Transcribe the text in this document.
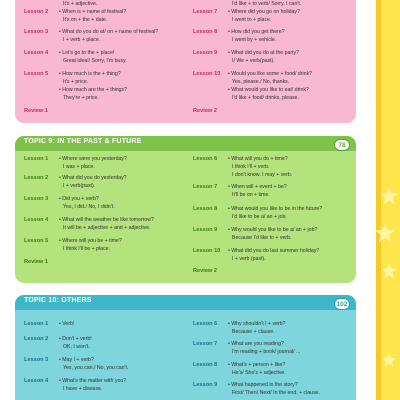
It's + adjective.
Lesson 2	• When is + name of festival?
It's on + the + date.
Lesson 3	• What do you do at/ on + name of festival?
I + verb + place.
Lesson 4	• Let's go to the + place!
Great idea!/ Sorry, I'm busy.
Lesson 5	• How much is the + thing?
It's + price.
• How much are the + things?
They're + price.
Review 1
I'd like + to verb/ Sorry, I can't.
Lesson 7	• Where did you go on holiday?
I went to + place.
Lesson 8	• How did you get there?
I went by + vehicle.
Lesson 9	• What did you do at the party?
I/ We + verb(past).
Lesson 10	• Would you like some + food/ drink?
Yes, please./ No, thanks.
• What would you like to eat/ drink?
I'd like + food/ drinks, please.
Review 2
TOPIC 9: IN THE PAST & FUTURE
78
Lesson 1	• Where were you yesterday?
I was + place.
Lesson 2	• What did you do yesterday?
I + verb(past).
Lesson 3	• Did you + verb?
Yes, I did./ No, I didn't.
Lesson 4	• What will the weather be like tomorrow?
It will be + adjective + and + adjective.
Lesson 5	• Where will you be + time?
I think I'll be + place.
Review 1
Lesson 6	• What will you do + time?
I think I'll + verb.
I don't know. I may + verb.
Lesson 7	• When will + event + be?
It'll be on + time.
Lesson 8	• What would you like to be in the future?
I'd like to be a/ an + job.
Lesson 9	• Why would you like to be a/ an + job?
Because I'd like to + verb.
Lesson 10	• What did you do last summer holiday?
I + verb (past).
Review 2
TOPIC 10: OTHERS
102
Lesson 1	• Verb!
Lesson 2	• Don't + verb!
OK, I won't.
Lesson 3	• May I + verb?
Yes, you can./ No, you can't.
Lesson 4	• What's the matter with you?
I have + disease.
Lesson 6	• Why shouldn't I + verb?
Because + clause.
Lesson 7	• What are you reading?
I'm reading + book/ journal/ ...
Lesson 8	• What's + person + like?
He's/ She's + adjective.
Lesson 9	• What happened in the story?
First/ Then/ Next/ In the end, + clause.
